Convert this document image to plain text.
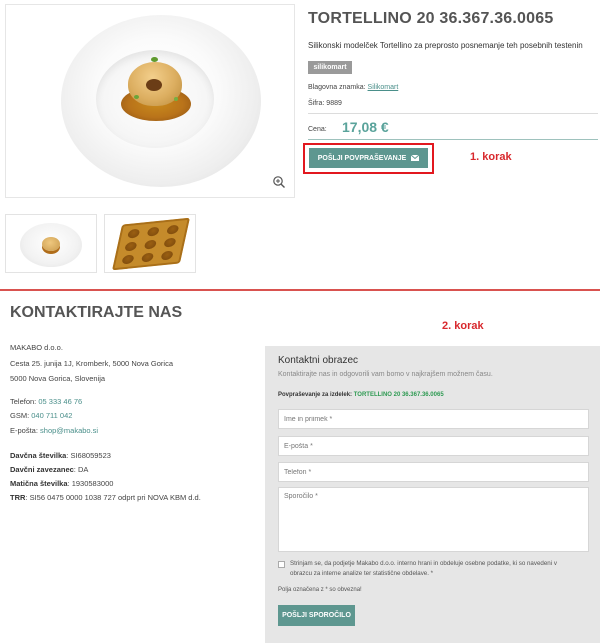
TORTELLINO 20 36.367.36.0065
Silikonski modelček Tortellino za preprosto posnemanje teh posebnih testenin
silikomart
Blagovna znamka: Silikomart
Šifra: 9889
Cena: 17,08 €
POŠLJI POVPRAŠEVANJE	1. korak
KONTAKTIRAJTE NAS
2. korak
MAKABO d.o.o.
Cesta 25. junija 1J, Kromberk, 5000 Nova Gorica
5000 Nova Gorica, Slovenija
Telefon: 05 333 46 76
GSM: 040 711 042
E-pošta: shop@makabo.si
Davčna številka: SI68059523
Davčni zavezanec: DA
Matična številka: 1930583000
TRR: SI56 0475 0000 1038 727 odprt pri NOVA KBM d.d.
Kontaktni obrazec
Kontaktirajte nas in odgovorili vam bomo v najkrajšem možnem času.
Povpraševanje za izdelek: TORTELLINO 20 36.367.36.0065
Ime in priimek *
E-pošta *
Telefon *
Sporočilo *
Strinjam se, da podjetje Makabo d.o.o. interno hrani in obdeluje osebne podatke, ki so navedeni v
obrazcu za interne analize ter statistične obdelave. *
Polja označena z * so obvezna!
POŠLJI SPOROČILO
